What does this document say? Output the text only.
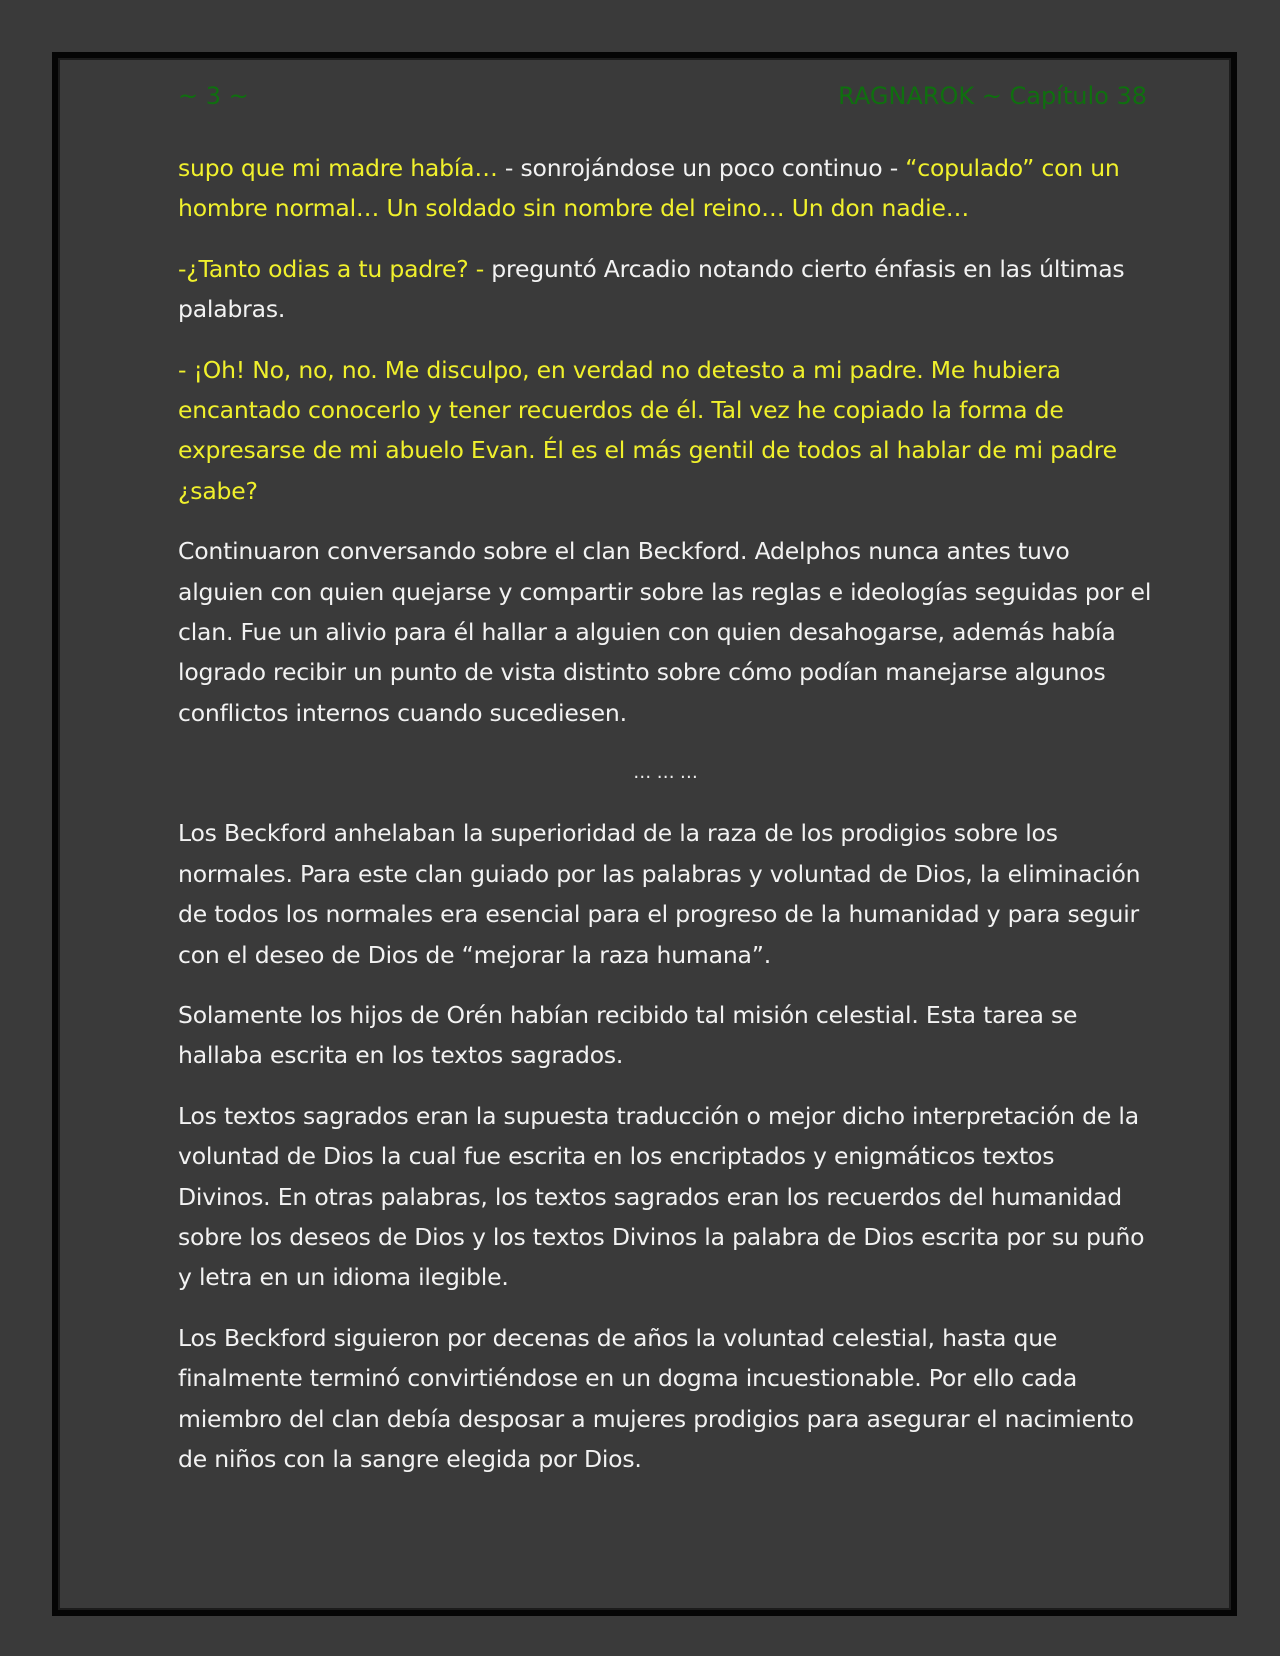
~ 3 ~	RAGNAROK ~ Capítulo 38

supo que mi madre había… - sonrojándose un poco continuo - “copulado” con un hombre normal… Un soldado sin nombre del reino… Un don nadie…

-¿Tanto odias a tu padre? - preguntó Arcadio notando cierto énfasis en las últimas palabras.

- ¡Oh! No, no, no. Me disculpo, en verdad no detesto a mi padre. Me hubiera encantado conocerlo y tener recuerdos de él. Tal vez he copiado la forma de expresarse de mi abuelo Evan. Él es el más gentil de todos al hablar de mi padre ¿sabe?

Continuaron conversando sobre el clan Beckford. Adelphos nunca antes tuvo alguien con quien quejarse y compartir sobre las reglas e ideologías seguidas por el clan. Fue un alivio para él hallar a alguien con quien desahogarse, además había logrado recibir un punto de vista distinto sobre cómo podían manejarse algunos conflictos internos cuando sucediesen.

… … …

Los Beckford anhelaban la superioridad de la raza de los prodigios sobre los normales. Para este clan guiado por las palabras y voluntad de Dios, la eliminación de todos los normales era esencial para el progreso de la humanidad y para seguir con el deseo de Dios de “mejorar la raza humana”.

Solamente los hijos de Orén habían recibido tal misión celestial. Esta tarea se hallaba escrita en los textos sagrados.

Los textos sagrados eran la supuesta traducción o mejor dicho interpretación de la voluntad de Dios la cual fue escrita en los encriptados y enigmáticos textos Divinos. En otras palabras, los textos sagrados eran los recuerdos del humanidad sobre los deseos de Dios y los textos Divinos la palabra de Dios escrita por su puño y letra en un idioma ilegible.

Los Beckford siguieron por decenas de años la voluntad celestial, hasta que finalmente terminó convirtiéndose en un dogma incuestionable. Por ello cada miembro del clan debía desposar a mujeres prodigios para asegurar el nacimiento de niños con la sangre elegida por Dios.
